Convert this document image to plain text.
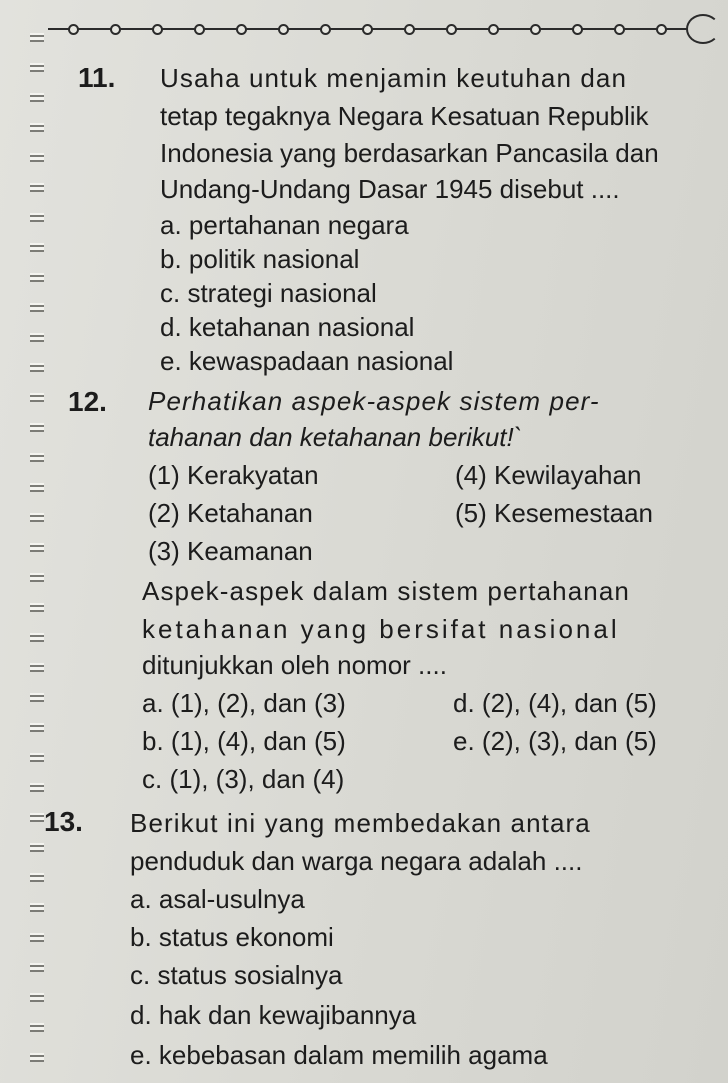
11. Usaha untuk menjamin keutuhan dan
tetap tegaknya Negara Kesatuan Republik
Indonesia yang berdasarkan Pancasila dan
Undang-Undang Dasar 1945 disebut ....
a. pertahanan negara
b. politik nasional
c. strategi nasional
d. ketahanan nasional
e. kewaspadaan nasional
12. Perhatikan aspek-aspek sistem per-
tahanan dan ketahanan berikut!`
(1) Kerakyatan
(2) Ketahanan
(3) Keamanan
(4) Kewilayahan
(5) Kesemestaan
Aspek-aspek dalam sistem pertahanan
ketahanan yang bersifat nasional
ditunjukkan oleh nomor ....
a. (1), (2), dan (3)
b. (1), (4), dan (5)
c. (1), (3), dan (4)
d. (2), (4), dan (5)
e. (2), (3), dan (5)
13. Berikut ini yang membedakan antara
penduduk dan warga negara adalah ....
a. asal-usulnya
b. status ekonomi
c. status sosialnya
d. hak dan kewajibannya
e. kebebasan dalam memilih agama
